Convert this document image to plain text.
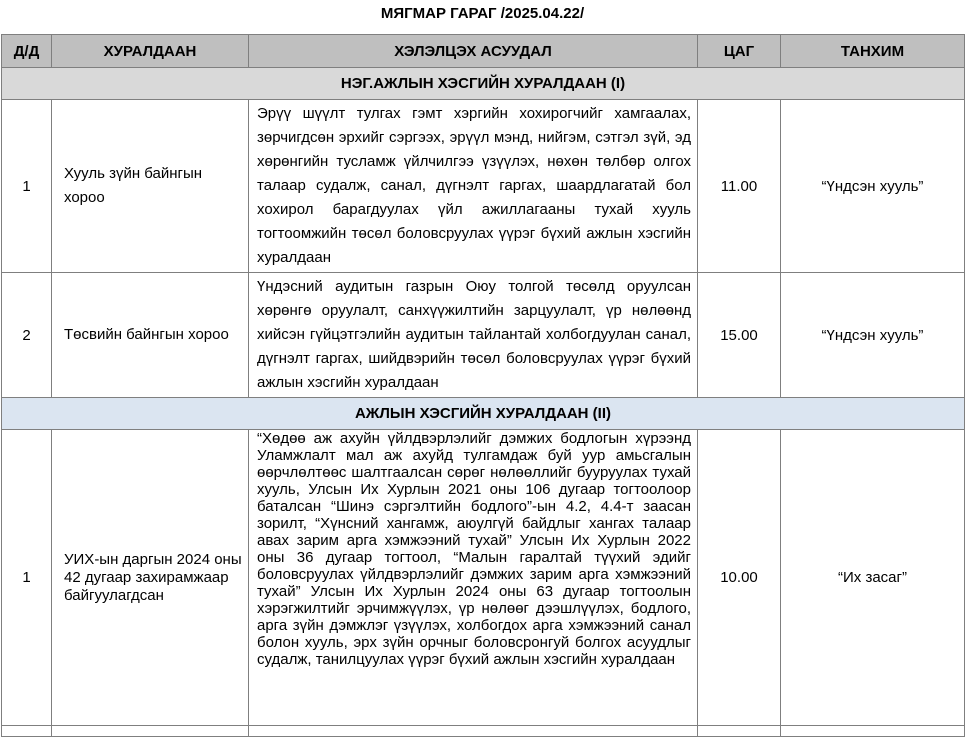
МЯГМАР ГАРАГ /2025.04.22/
Д/Д	ХУРАЛДААН	ХЭЛЭЛЦЭХ АСУУДАЛ	ЦАГ	ТАНХИМ
НЭГ.АЖЛЫН ХЭСГИЙН ХУРАЛДААН (I)				
1	Хууль зүйн байнгын хороо	Эрүү шүүлт тулгах гэмт хэргийн хохирогчийг хамгаалах, зөрчигдсөн эрхийг сэргээх, эрүүл мэнд, нийгэм, сэтгэл зүй, эд хөрөнгийн тусламж үйлчилгээ үзүүлэх, нөхөн төлбөр олгох талаар судалж, санал, дүгнэлт гаргах, шаардлагатай бол хохирол барагдуулах үйл ажиллагааны тухай хууль тогтоомжийн төсөл боловсруулах үүрэг бүхий ажлын хэсгийн хуралдаан	11.00	“Үндсэн хууль”
2	Төсвийн байнгын хороо	Үндэсний аудитын газрын Оюу толгой төсөлд оруулсан хөрөнгө оруулалт, санхүүжилтийн зарцуулалт, үр нөлөөнд хийсэн гүйцэтгэлийн аудитын тайлантай холбогдуулан санал, дүгнэлт гаргах, шийдвэрийн төсөл боловсруулах үүрэг бүхий ажлын хэсгийн хуралдаан	15.00	“Үндсэн хууль”
АЖЛЫН ХЭСГИЙН ХУРАЛДААН (II)				
1	УИХ-ын даргын 2024 оны 42 дугаар захирамжаар байгуулагдсан	“Хөдөө аж ахуйн үйлдвэрлэлийг дэмжих бодлогын хүрээнд Уламжлалт мал аж ахуйд тулгамдаж буй уур амьсгалын өөрчлөлтөөс шалтгаалсан сөрөг нөлөөллийг бууруулах тухай хууль, Улсын Их Хурлын 2021 оны 106 дугаар тогтоолоор баталсан “Шинэ сэргэлтийн бодлого”-ын 4.2, 4.4-т заасан зорилт, “Хүнсний хангамж, аюулгүй байдлыг хангах талаар авах зарим арга хэмжээний тухай” Улсын Их Хурлын 2022 оны 36 дугаар тогтоол, “Малын гаралтай түүхий эдийг боловсруулах үйлдвэрлэлийг дэмжих зарим арга хэмжээний тухай” Улсын Их Хурлын 2024 оны 63 дугаар тогтоолын хэрэгжилтийг эрчимжүүлэх, үр нөлөөг дээшлүүлэх, бодлого, арга зүйн дэмжлэг үзүүлэх, холбогдох арга хэмжээний санал болон хууль, эрх зүйн орчныг боловсронгуй болгох асуудлыг судалж, танилцуулах үүрэг бүхий ажлын хэсгийн хуралдаан	10.00	“Их засаг”
